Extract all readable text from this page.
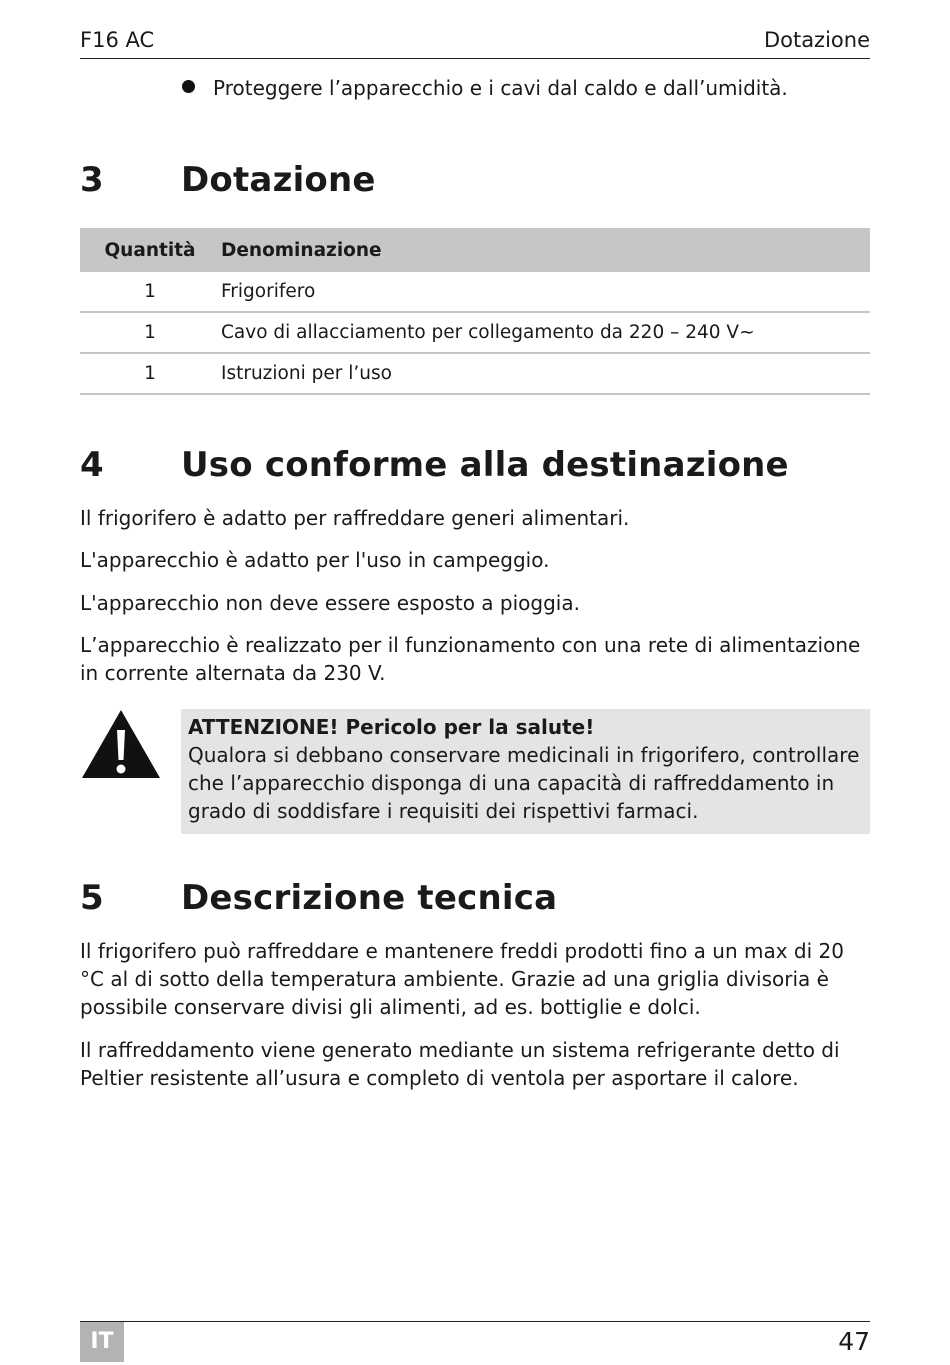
F16 AC	Dotazione
Proteggere l’apparecchio e i cavi dal caldo e dall’umidità.
3 Dotazione
Quantità	Denominazione
1	Frigorifero
1	Cavo di allacciamento per collegamento da 220 – 240 V~
1	Istruzioni per l’uso
4 Uso conforme alla destinazione
Il frigorifero è adatto per raffreddare generi alimentari.
L'apparecchio è adatto per l'uso in campeggio.
L'apparecchio non deve essere esposto a pioggia.
L’apparecchio è realizzato per il funzionamento con una rete di alimentazione in corrente alternata da 230 V.
ATTENZIONE! Pericolo per la salute!
Qualora si debbano conservare medicinali in frigorifero, controllare che l’apparecchio disponga di una capacità di raffreddamento in grado di soddisfare i requisiti dei rispettivi farmaci.
5 Descrizione tecnica
Il frigorifero può raffreddare e mantenere freddi prodotti fino a un max di 20 °C al di sotto della temperatura ambiente. Grazie ad una griglia divisoria è possibile conservare divisi gli alimenti, ad es. bottiglie e dolci.
Il raffreddamento viene generato mediante un sistema refrigerante detto di Peltier resistente all’usura e completo di ventola per asportare il calore.
IT	47
